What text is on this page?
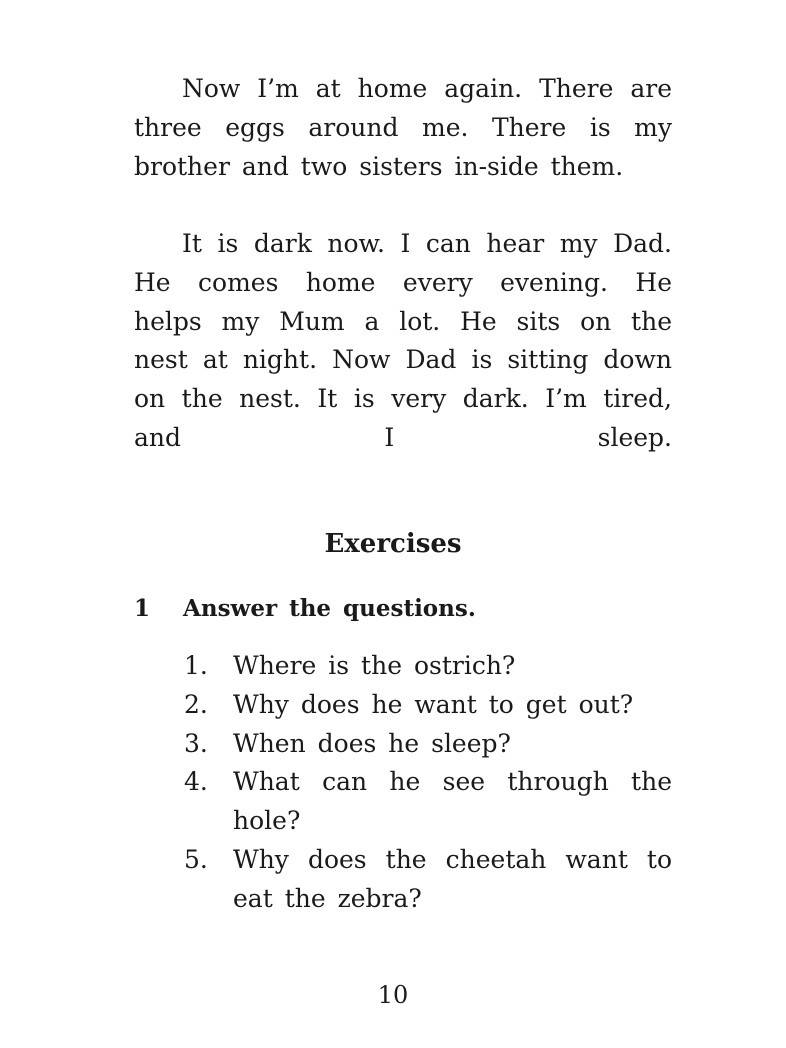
Now I’m at home again. There are three eggs around me. There is my brother and two sisters in-side them.

It is dark now. I can hear my Dad. He comes home every evening. He helps my Mum a lot. He sits on the nest at night. Now Dad is sitting down on the nest. It is very dark. I’m tired, and I sleep.

Exercises
1 Answer the questions.
1.	Where is the ostrich?
2.	Why does he want to get out?
3.	When does he sleep?
4.	What can he see through the hole?
5.	Why does the cheetah want to eat the zebra?
10
